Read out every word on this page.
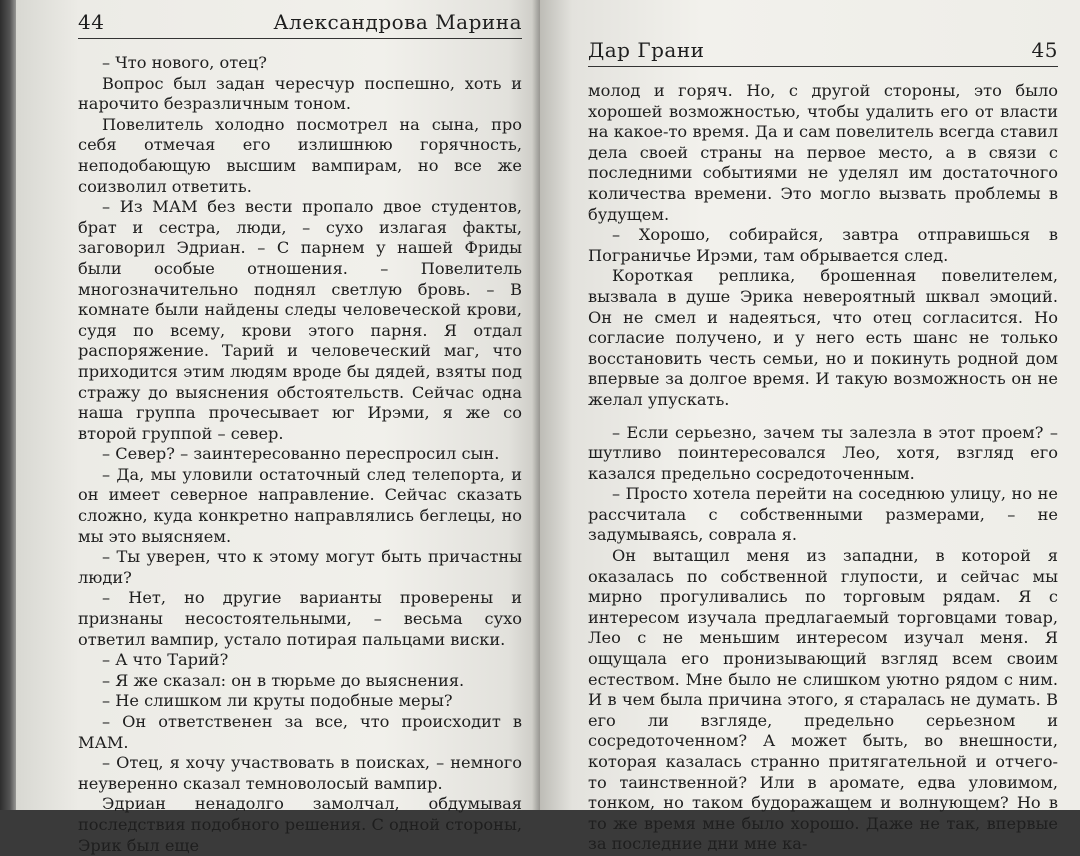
44	Александрова Марина

– Что нового, отец?

Вопрос был задан чересчур поспешно, хоть и нарочито безразличным тоном.

Повелитель холодно посмотрел на сына, про себя отмечая его излишнюю горячность, неподобающую высшим вампирам, но все же соизволил ответить.

– Из МАМ без вести пропало двое студентов, брат и сестра, люди, – сухо излагая факты, заговорил Эдриан. – С парнем у нашей Фриды были особые отношения. – Повелитель многозначительно поднял светлую бровь. – В комнате были найдены следы человеческой крови, судя по всему, крови этого парня. Я отдал распоряжение. Тарий и человеческий маг, что приходится этим людям вроде бы дядей, взяты под стражу до выяснения обстоятельств. Сейчас одна наша группа прочесывает юг Ирэми, я же со второй группой – север.

– Север? – заинтересованно переспросил сын.

– Да, мы уловили остаточный след телепорта, и он имеет северное направление. Сейчас сказать сложно, куда конкретно направлялись беглецы, но мы это выясняем.

– Ты уверен, что к этому могут быть причастны люди?

– Нет, но другие варианты проверены и признаны несостоятельными, – весьма сухо ответил вампир, устало потирая пальцами виски.

– А что Тарий?

– Я же сказал: он в тюрьме до выяснения.

– Не слишком ли круты подобные меры?

– Он ответственен за все, что происходит в МАМ.

– Отец, я хочу участвовать в поисках, – немного неуверенно сказал темноволосый вампир.

Эдриан ненадолго замолчал, обдумывая последствия подобного решения. С одной стороны, Эрик был еще

Дар Грани	45

молод и горяч. Но, с другой стороны, это было хорошей возможностью, чтобы удалить его от власти на какое-то время. Да и сам повелитель всегда ставил дела своей страны на первое место, а в связи с последними событиями не уделял им достаточного количества времени. Это могло вызвать проблемы в будущем.

– Хорошо, собирайся, завтра отправишься в Пограничье Ирэми, там обрывается след.

Короткая реплика, брошенная повелителем, вызвала в душе Эрика невероятный шквал эмоций. Он не смел и надеяться, что отец согласится. Но согласие получено, и у него есть шанс не только восстановить честь семьи, но и покинуть родной дом впервые за долгое время. И такую возможность он не желал упускать.

– Если серьезно, зачем ты залезла в этот проем? – шутливо поинтересовался Лео, хотя, взгляд его казался предельно сосредоточенным.

– Просто хотела перейти на соседнюю улицу, но не рассчитала с собственными размерами, – не задумываясь, соврала я.

Он вытащил меня из западни, в которой я оказалась по собственной глупости, и сейчас мы мирно прогуливались по торговым рядам. Я с интересом изучала предлагаемый торговцами товар, Лео с не меньшим интересом изучал меня. Я ощущала его пронизывающий взгляд всем своим естеством. Мне было не слишком уютно рядом с ним. И в чем была причина этого, я старалась не думать. В его ли взгляде, предельно серьезном и сосредоточенном? А может быть, во внешности, которая казалась странно притягательной и отчего-то таинственной? Или в аромате, едва уловимом, тонком, но таком будоражащем и волнующем? Но в то же время мне было хорошо. Даже не так, впервые за последние дни мне ка-
